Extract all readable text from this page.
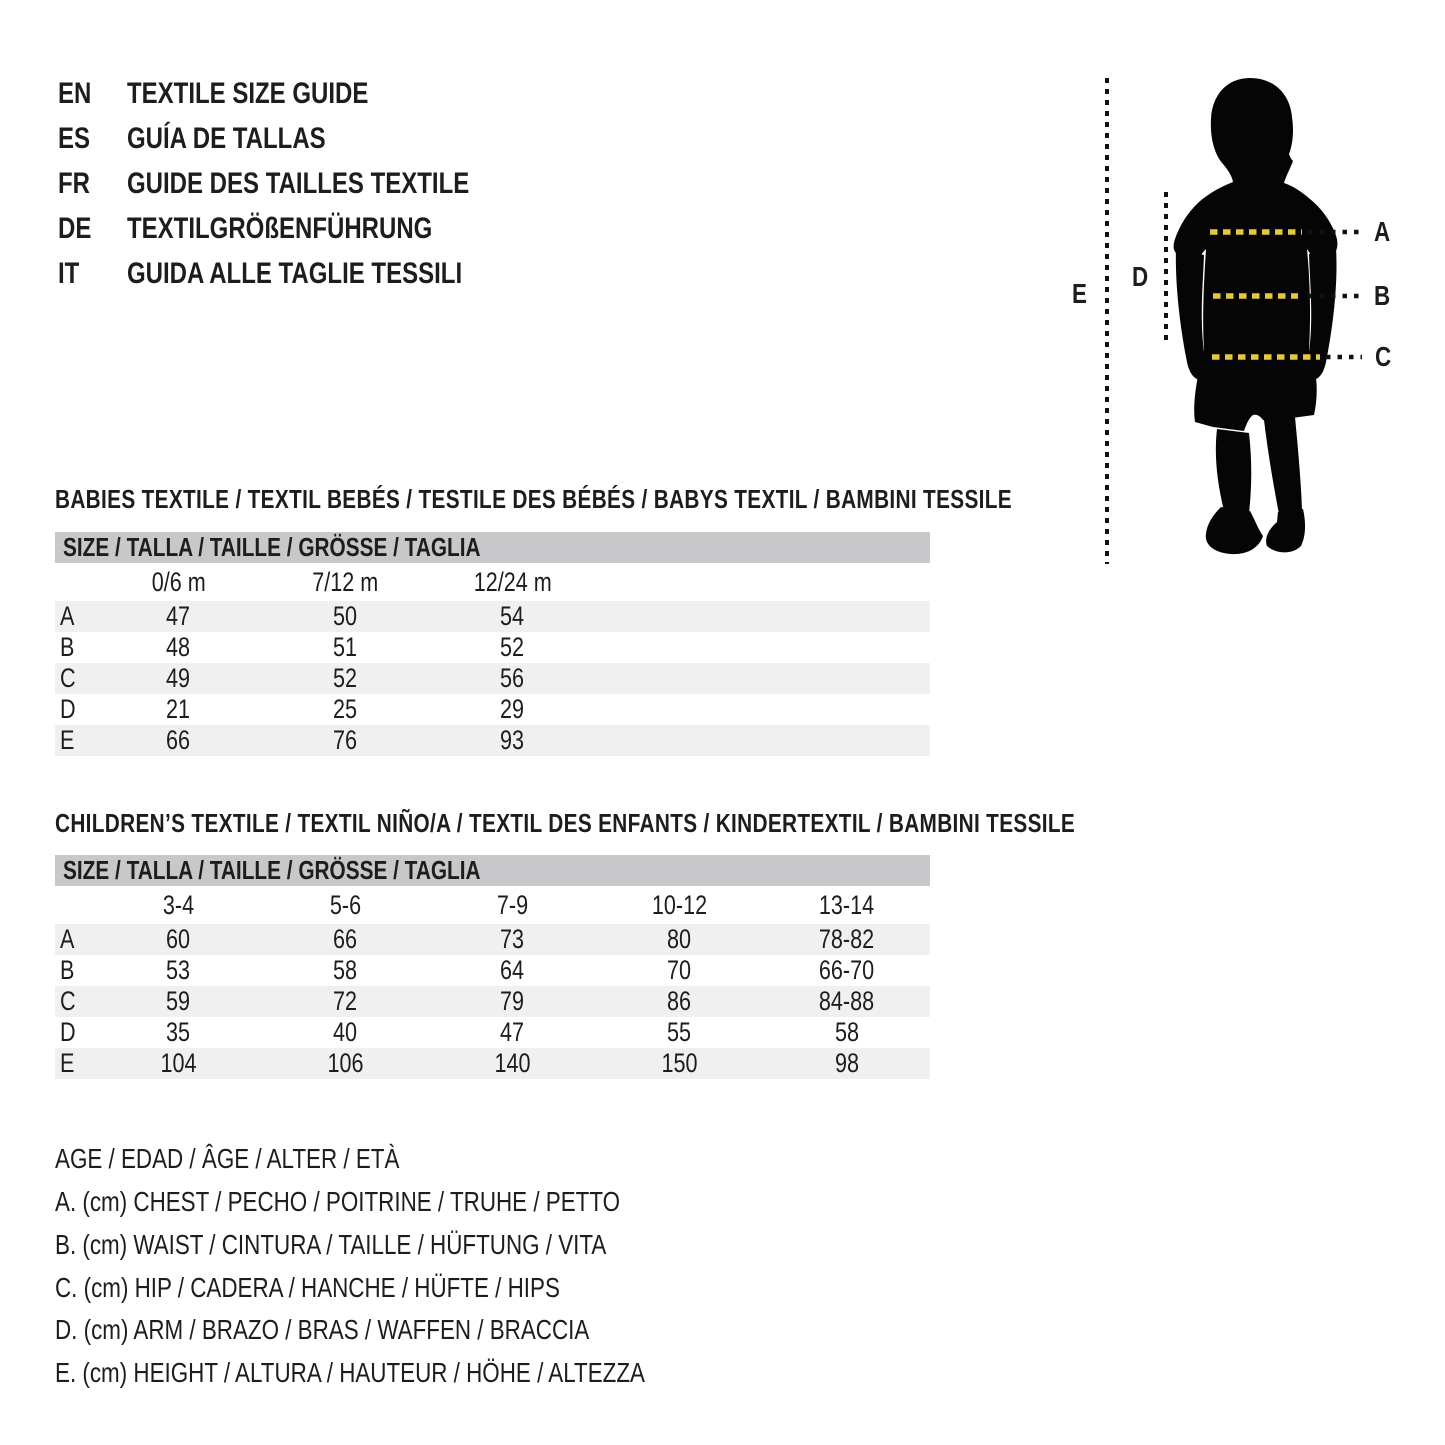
EN TEXTILE SIZE GUIDE
ES GUÍA DE TALLAS
FR GUIDE DES TAILLES TEXTILE
DE TEXTILGRÖßENFÜHRUNG
IT GUIDA ALLE TAGLIE TESSILI
A
B
C
D
E
BABIES TEXTILE / TEXTIL BEBÉS / TESTILE DES BÉBÉS / BABYS TEXTIL / BAMBINI TESSILE
SIZE / TALLA / TAILLE / GRÖSSE / TAGLIA					
	0/6 m	7/12 m	12/24 m		
A	47	50	54		
B	48	51	52		
C	49	52	56		
D	21	25	29		
E	66	76	93		
CHILDREN’S TEXTILE / TEXTIL NIÑO/A / TEXTIL DES ENFANTS / KINDERTEXTIL / BAMBINI TESSILE
SIZE / TALLA / TAILLE / GRÖSSE / TAGLIA					
	3-4	5-6	7-9	10-12	13-14
A	60	66	73	80	78-82
B	53	58	64	70	66-70
C	59	72	79	86	84-88
D	35	40	47	55	58
E	104	106	140	150	98
AGE / EDAD / ÂGE / ALTER / ETÀ
A. (cm) CHEST / PECHO / POITRINE / TRUHE / PETTO
B. (cm) WAIST / CINTURA / TAILLE / HÜFTUNG / VITA
C. (cm) HIP / CADERA / HANCHE / HÜFTE / HIPS
D. (cm) ARM / BRAZO / BRAS / WAFFEN / BRACCIA
E. (cm) HEIGHT / ALTURA / HAUTEUR / HÖHE / ALTEZZA
